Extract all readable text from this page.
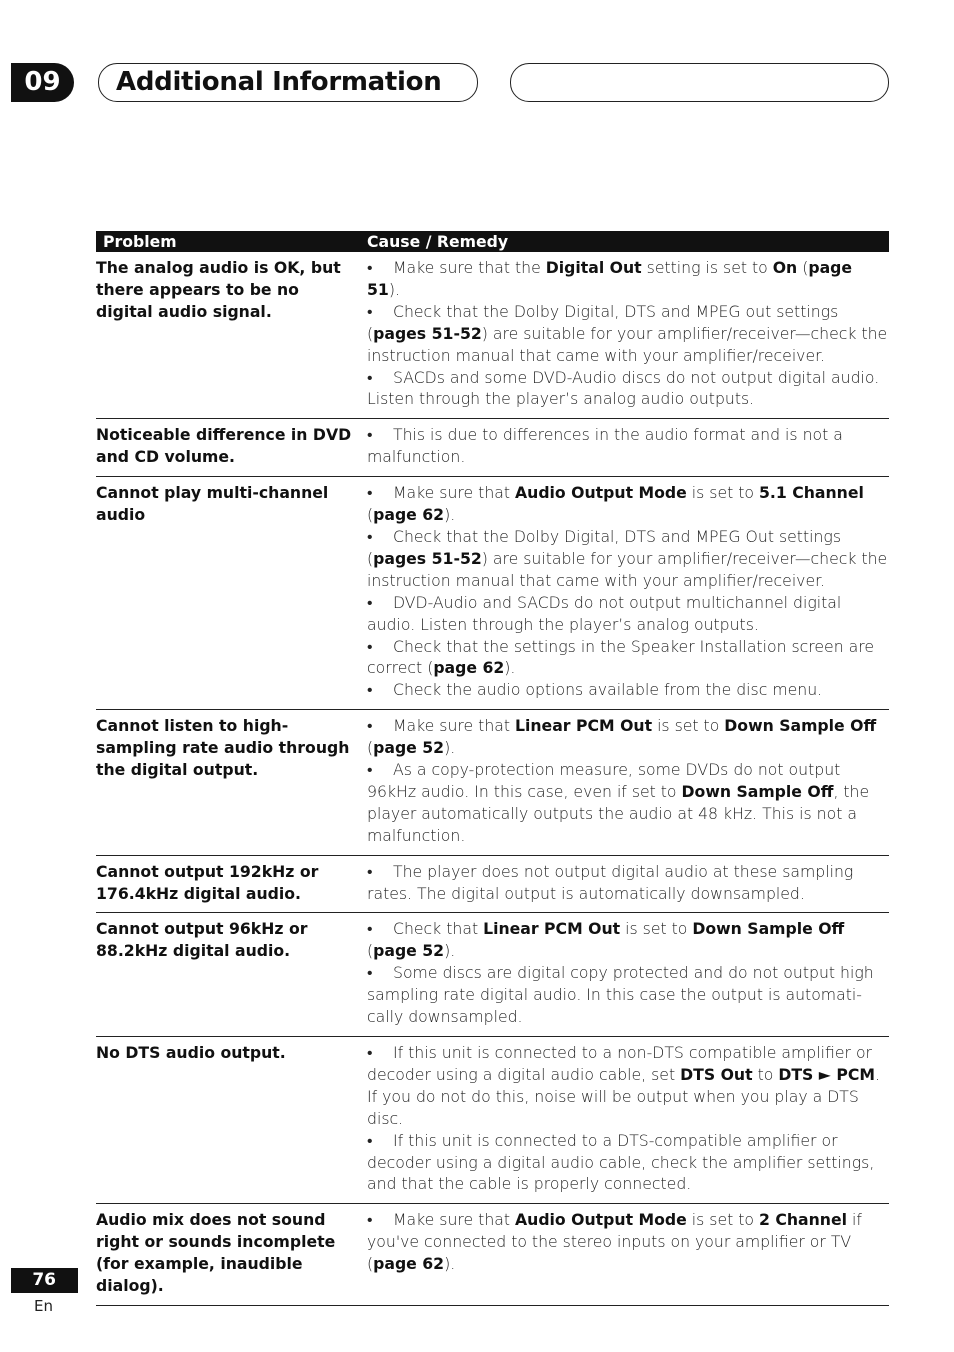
09	Additional Information
Problem	Cause / Remedy
The analog audio is OK, but there appears to be no digital audio signal.	• Make sure that the Digital Out setting is set to On (page 51).

• Check that the Dolby Digital, DTS and MPEG out settings (pages 51-52) are suitable for your amplifier/receiver—check the instruction manual that came with your amplifier/receiver.

• SACDs and some DVD-Audio discs do not output digital audio. Listen through the player’s analog audio outputs.

Noticeable difference in DVD and CD volume.	• This is due to differences in the audio format and is not a malfunction.

Cannot play multi-channel audio	• Make sure that Audio Output Mode is set to 5.1 Channel (page 62).

• Check that the Dolby Digital, DTS and MPEG Out settings (pages 51-52) are suitable for your amplifier/receiver—check the instruction manual that came with your amplifier/receiver.

• DVD-Audio and SACDs do not output multichannel digital audio. Listen through the player’s analog outputs.

• Check that the settings in the Speaker Installation screen are correct (page 62).

• Check the audio options available from the disc menu.

Cannot listen to high-sampling rate audio through the digital output.	• Make sure that Linear PCM Out is set to Down Sample Off (page 52).

• As a copy-protection measure, some DVDs do not output 96kHz audio. In this case, even if set to Down Sample Off, the player automatically outputs the audio at 48 kHz. This is not a malfunction.

Cannot output 192kHz or 176.4kHz digital audio.	• The player does not output digital audio at these sampling rates. The digital output is automatically downsampled.

Cannot output 96kHz or 88.2kHz digital audio.	• Check that Linear PCM Out is set to Down Sample Off (page 52).

• Some discs are digital copy protected and do not output high sampling rate digital audio. In this case the output is automati-cally downsampled.

No DTS audio output.	• If this unit is connected to a non-DTS compatible amplifier or decoder using a digital audio cable, set DTS Out to DTS ► PCM. If you do not do this, noise will be output when you play a DTS disc.

• If this unit is connected to a DTS-compatible amplifier or decoder using a digital audio cable, check the amplifier settings, and that the cable is properly connected.

Audio mix does not sound right or sounds incomplete (for example, inaudible dialog).	• Make sure that Audio Output Mode is set to 2 Channel if you've connected to the stereo inputs on your amplifier or TV (page 62).

76
En
